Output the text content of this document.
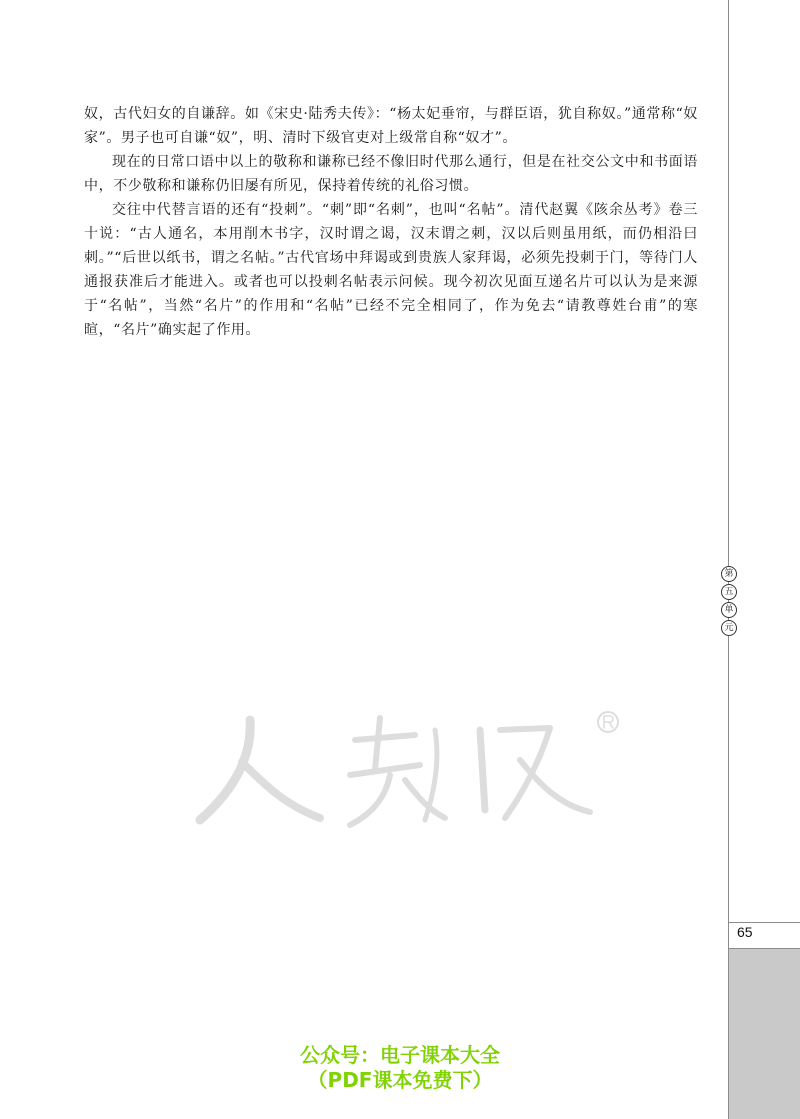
奴，古代妇女的自谦辞。如《宋史·陆秀夫传》：“杨太妃垂帘，与群臣语，犹自称奴。”通常称“奴家”。男子也可自谦“奴”，明、清时下级官吏对上级常自称“奴才”。

现在的日常口语中以上的敬称和谦称已经不像旧时代那么通行，但是在社交公文中和书面语中，不少敬称和谦称仍旧屡有所见，保持着传统的礼俗习惯。

交往中代替言语的还有“投刺”。“刺”即“名刺”，也叫“名帖”。清代赵翼《陔余丛考》卷三十说：“古人通名，本用削木书字，汉时谓之谒，汉末谓之刺，汉以后则虽用纸，而仍相沿曰刺。”“后世以纸书，谓之名帖。”古代官场中拜谒或到贵族人家拜谒，必须先投刺于门，等待门人通报获准后才能进入。或者也可以投刺名帖表示问候。现今初次见面互递名片可以认为是来源于“名帖”，当然“名片”的作用和“名帖”已经不完全相同了，作为免去“请教尊姓台甫”的寒暄，“名片”确实起了作用。

第
五
单
元
65
公众号：电子课本大全
（PDF课本免费下）
